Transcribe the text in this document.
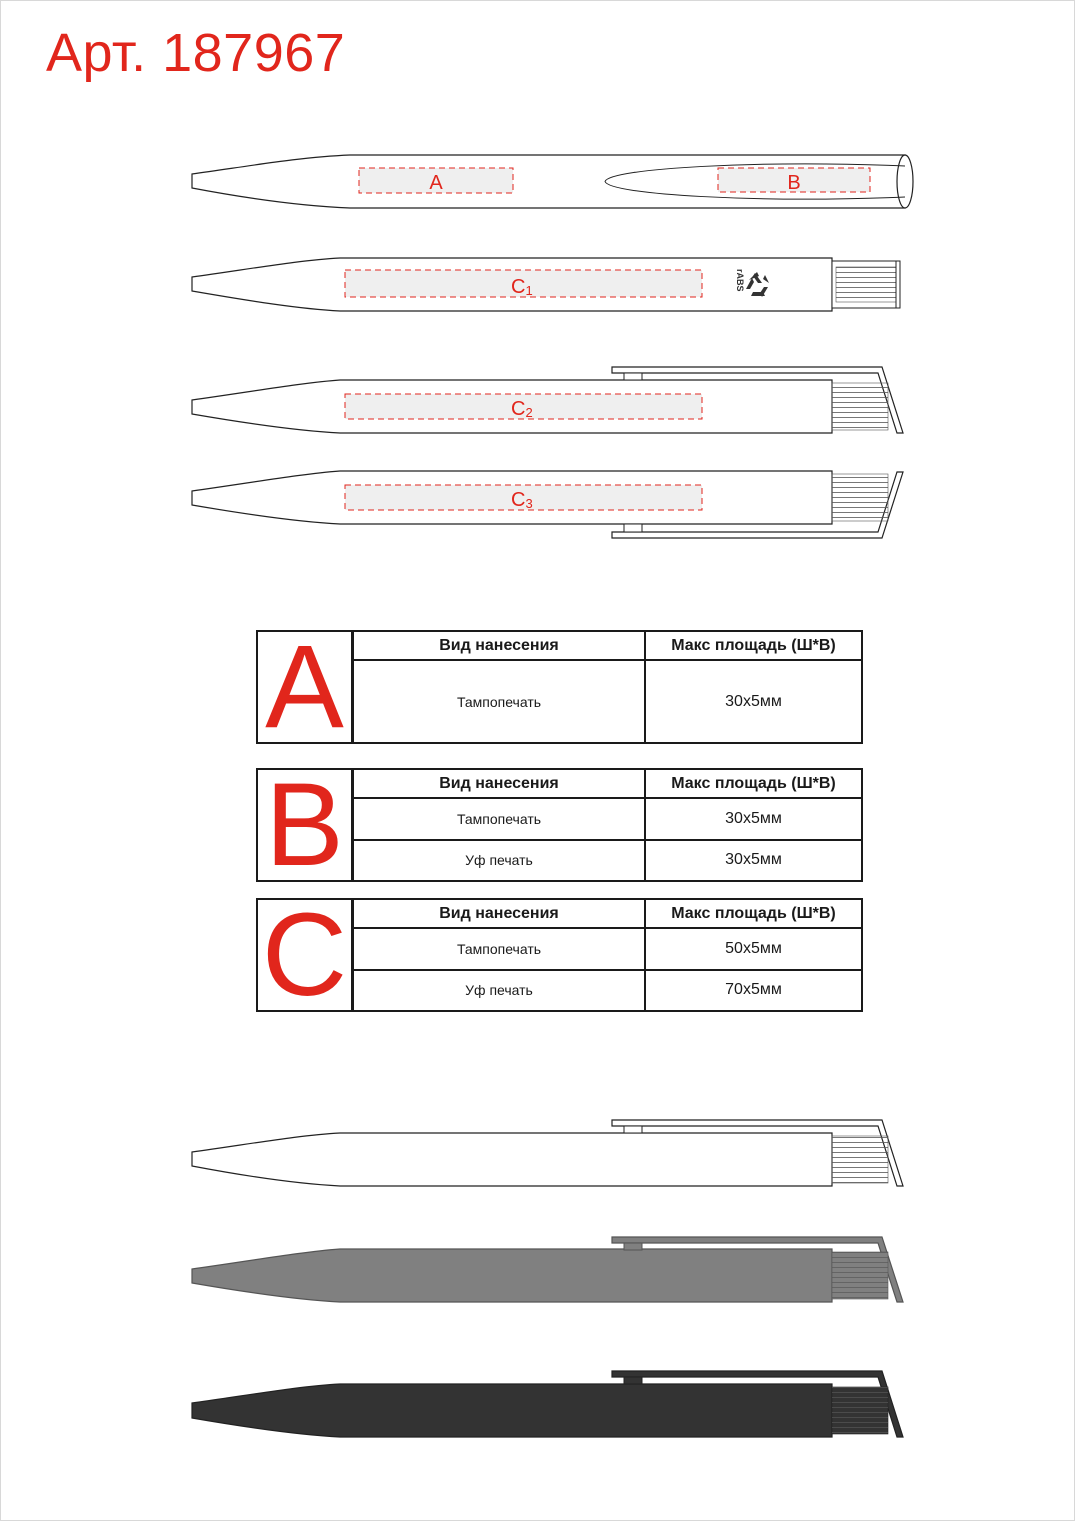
Арт. 187967
A	B
C1	rABS
C2
C3
A	Вид нанесения	Макс площадь (Ш*В)
Тампопечать	30x5мм
B	Вид нанесения	Макс площадь (Ш*В)
Тампопечать	30x5мм
Уф печать	30x5мм
C	Вид нанесения	Макс площадь (Ш*В)
Тампопечать	50x5мм
Уф печать	70x5мм
